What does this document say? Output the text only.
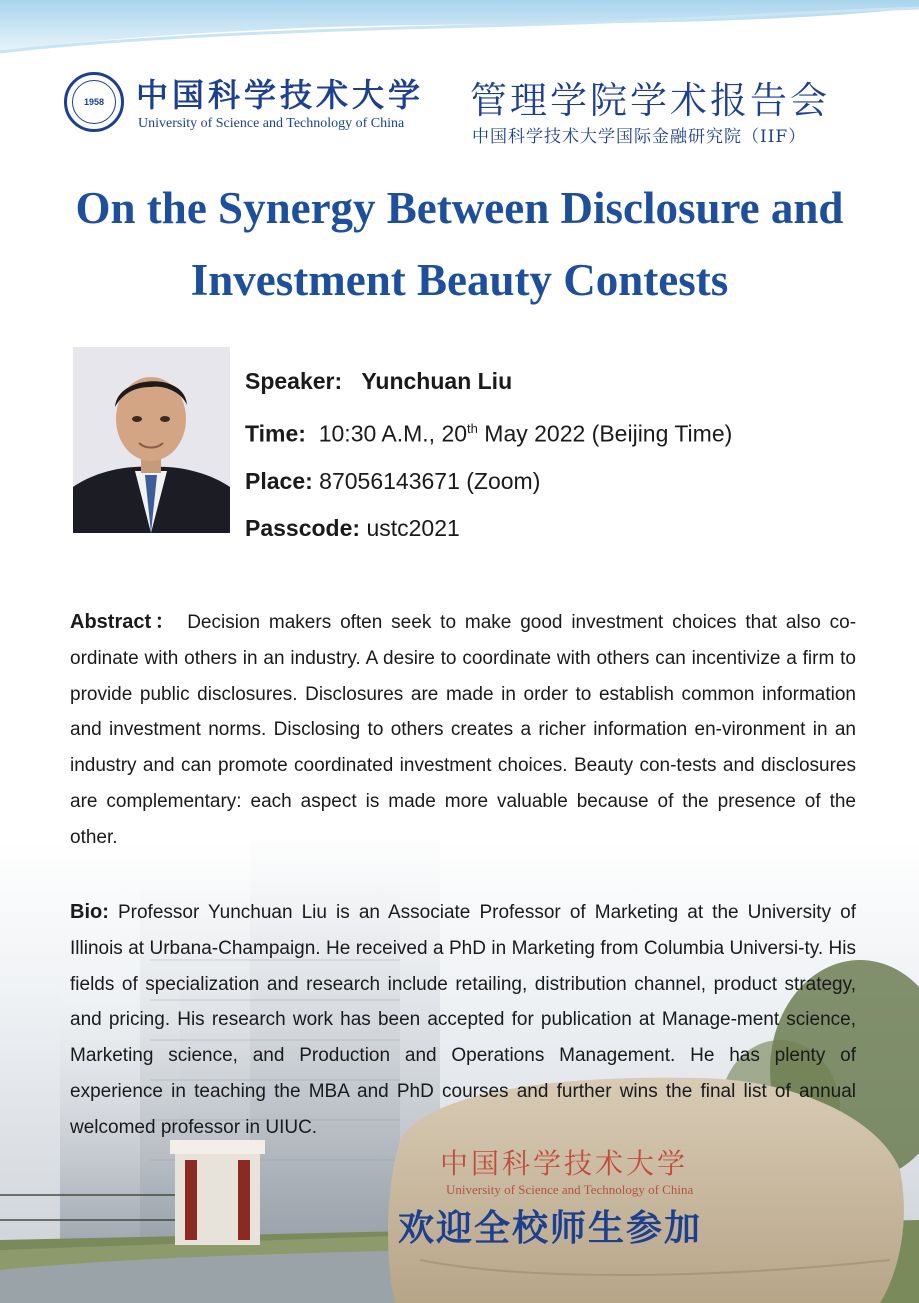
1958 中国科学技术大学
University of Science and Technology of China
管理学院学术报告会
中国科学技术大学国际金融研究院（IIF）
On the Synergy Between Disclosure and
Investment Beauty Contests
Speaker: Yunchuan Liu
Time: 10:30 A.M., 20th May 2022 (Beijing Time)
Place: 87056143671 (Zoom)
Passcode: ustc2021
Abstract： Decision makers often seek to make good investment choices that also co-ordinate with others in an industry. A desire to coordinate with others can incentivize a firm to provide public disclosures. Disclosures are made in order to establish common information and investment norms. Disclosing to others creates a richer information en-vironment in an industry and can promote coordinated investment choices. Beauty con-tests and disclosures are complementary: each aspect is made more valuable because of the presence of the other.
Bio: Professor Yunchuan Liu is an Associate Professor of Marketing at the University of Illinois at Urbana-Champaign. He received a PhD in Marketing from Columbia Universi-ty. His fields of specialization and research include retailing, distribution channel, product strategy, and pricing. His research work has been accepted for publication at Manage-ment science, Marketing science, and Production and Operations Management. He has plenty of experience in teaching the MBA and PhD courses and further wins the final list of annual welcomed professor in UIUC.
中国科学技术大学
University of Science and Technology of China
欢迎全校师生参加
